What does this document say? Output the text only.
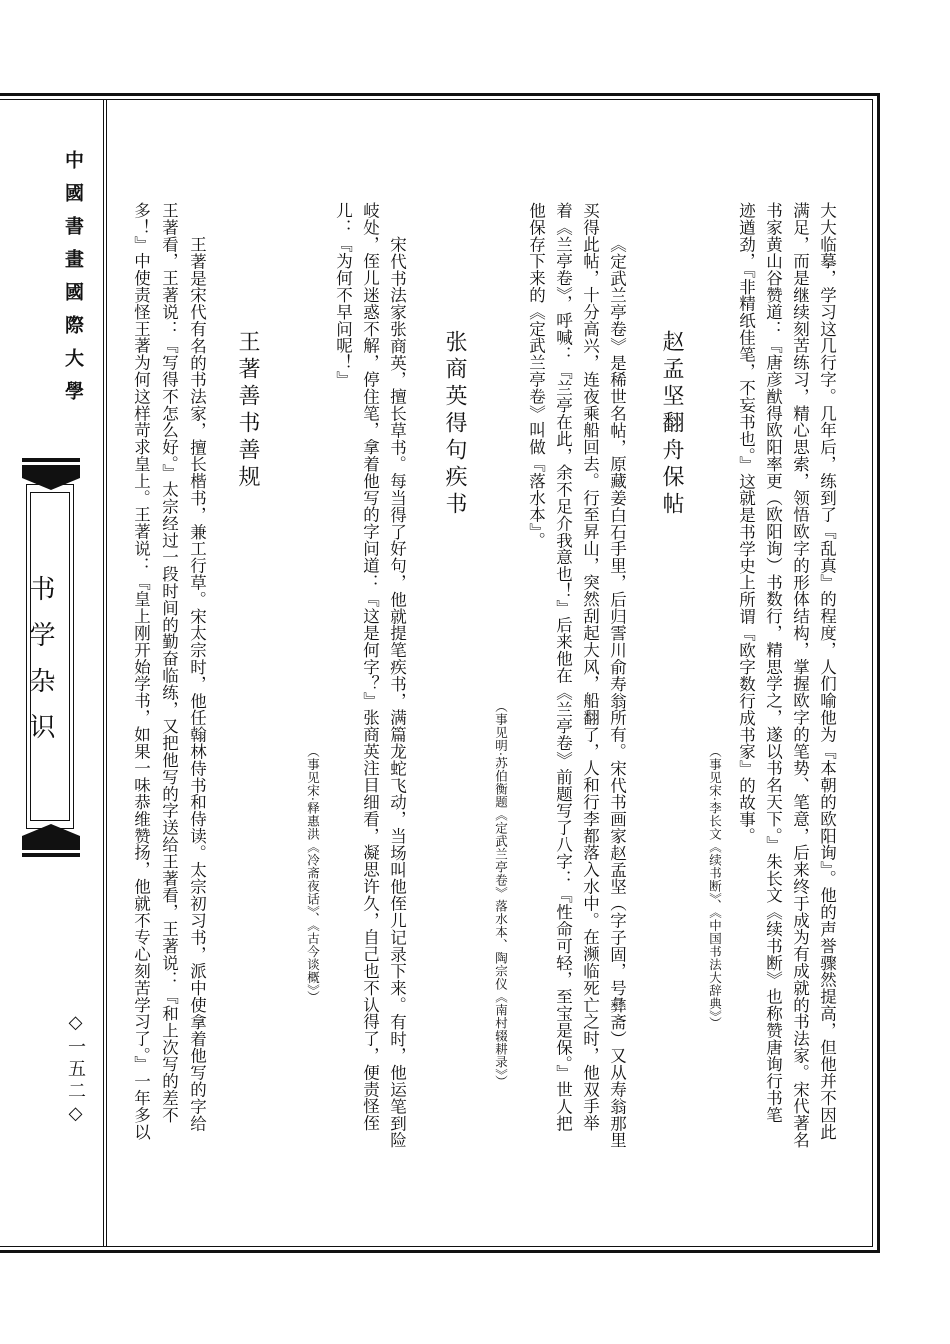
中國書畫國際大學
书学杂识
◇一五二◇	大大临摹，学习这几行字。几年后，练到了『乱真』的程度，人们喻他为『本朝的欧阳询』。他的声誉骤然提高，但他并不因此
满足，而是继续刻苦练习，精心思索，领悟欧字的形体结构，掌握欧字的笔势、笔意，后来终于成为有成就的书法家。宋代著名
书家黄山谷赞道：『唐彦猷得欧阳率更（欧阳询）书数行，精思学之，遂以书名天下。』朱长文《续书断》也称赞唐询行书笔
迹遒劲，『非精纸佳笔，不妄书也。』这就是书学史上所谓『欧字数行成书家』的故事。
（事见宋·李长文《续书断》、《中国书法大辞典》）
赵孟坚翻舟保帖
《定武兰亭卷》是稀世名帖，原藏姜白石手里，后归霅川俞寿翁所有。宋代书画家赵孟坚（字子固，号彝斋）又从寿翁那里
买得此帖，十分高兴，连夜乘船回去。行至昇山，突然刮起大风，船翻了，人和行李都落入水中。在濒临死亡之时，他双手举
着《兰亭卷》，呼喊：『兰亭在此，余不足介我意也！』后来他在《兰亭卷》前题写了八字：『性命可轻，至宝是保。』世人把
他保存下来的《定武兰亭卷》叫做『落水本』。
（事见明·苏伯衡题《定武兰亭卷》落水本、陶宗仪《南村辍耕录》）
张商英得句疾书
宋代书法家张商英，擅长草书。每当得了好句，他就提笔疾书，满篇龙蛇飞动，当场叫他侄儿记录下来。有时，他运笔到险
岐处，侄儿迷惑不解，停住笔，拿着他写的字问道：『这是何字？』张商英注目细看，凝思许久，自己也不认得了，便责怪侄
儿：『为何不早问呢！』
（事见宋·释惠洪《冷斋夜话》、《古今谈概》）
王著善书善规
王著是宋代有名的书法家，擅长楷书，兼工行草。宋太宗时，他任翰林侍书和侍读。太宗初习书，派中使拿着他写的字给
王著看，王著说：『写得不怎么好。』太宗经过一段时间的勤奋临练，又把他写的字送给王著看，王著说：『和上次写的差不
多！』中使责怪王著为何这样苛求皇上。王著说：『皇上刚开始学书，如果一味恭维赞扬，他就不专心刻苦学习了。』一年多以
